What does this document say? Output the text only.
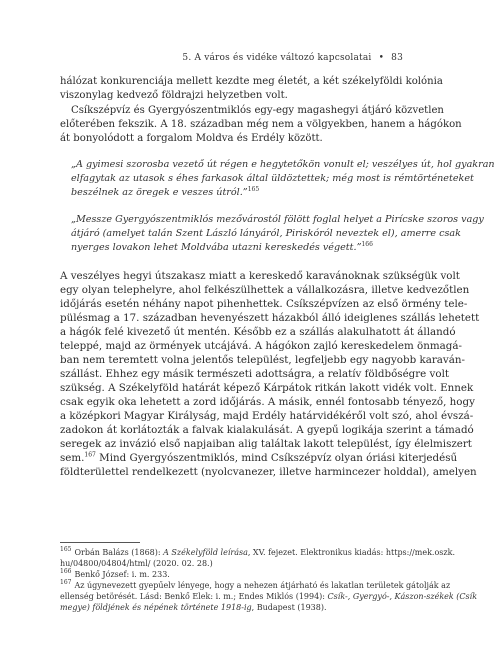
5. A város és vidéke változó kapcsolatai • 83
hálózat konkurenciája mellett kezdte meg életét, a két székelyföldi kolónia
viszonylag kedvező földrajzi helyzetben volt.
Csíkszépvíz és Gyergyószentmiklós egy-egy magashegyi átjáró közvetlen
előterében fekszik. A 18. században még nem a völgyekben, hanem a hágókon
át bonyolódott a forgalom Moldva és Erdély között.
„A gyimesi szorosba vezető út régen e hegytetőkön vonult el; veszélyes út, hol gyakran
elfagytak az utasok s éhes farkasok által üldöztettek; még most is rémtörténeteket
beszélnek az öregek e veszes útról.”$^{165}$
„Messze Gyergyószentmiklós mezővárostól fölött foglal helyet a Pirícske szoros vagy
átjáró (amelyet talán Szent László lányáról, Piriskóról neveztek el), amerre csak
nyerges lovakon lehet Moldvába utazni kereskedés végett.”$^{166}$
A veszélyes hegyi útszakasz miatt a kereskedő karavánoknak szükségük volt
egy olyan telephelyre, ahol felkészülhettek a vállalkozásra, illetve kedvezőtlen
időjárás esetén néhány napot pihenhettek. Csíkszépvízen az első örmény tele-
pülésmag a 17. században hevenyészett házakból álló ideiglenes szállás lehetett
a hágók felé kivezető út mentén. Később ez a szállás alakulhatott át állandó
teleppé, majd az örmények utcájává. A hágókon zajló kereskedelem önmagá-
ban nem teremtett volna jelentős települést, legfeljebb egy nagyobb karaván-
szállást. Ehhez egy másik természeti adottságra, a relatív földbőségre volt
szükség. A Székelyföld határát képező Kárpátok ritkán lakott vidék volt. Ennek
csak egyik oka lehetett a zord időjárás. A másik, ennél fontosabb tényező, hogy
a középkori Magyar Királyság, majd Erdély határvidékéről volt szó, ahol évszá-
zadokon át korlátozták a falvak kialakulását. A gyepű logikája szerint a támadó
seregek az invázió első napjaiban alig találtak lakott települést, így élelmiszert
sem.$^{167}$ Mind Gyergyószentmiklós, mind Csíkszépvíz olyan óriási kiterjedésű
földterülettel rendelkezett (nyolcvanezer, illetve harmincezer holddal), amelyen
$^{165}$ Orbán Balázs (1868): A Székelyföld leírása, XV. fejezet. Elektronikus kiadás: https://mek.oszk.
hu/04800/04804/html/ (2020. 02. 28.)
$^{166}$ Benkő József: i. m. 233.
$^{167}$ Az úgynevezett gyepűelv lényege, hogy a nehezen átjárható és lakatlan területek gátolják az
ellenség betörését. Lásd: Benkő Elek: i. m.; Endes Miklós (1994): Csík-, Gyergyó-, Kászon-székek (Csík
megye) földjének és népének története 1918-ig, Budapest (1938).
